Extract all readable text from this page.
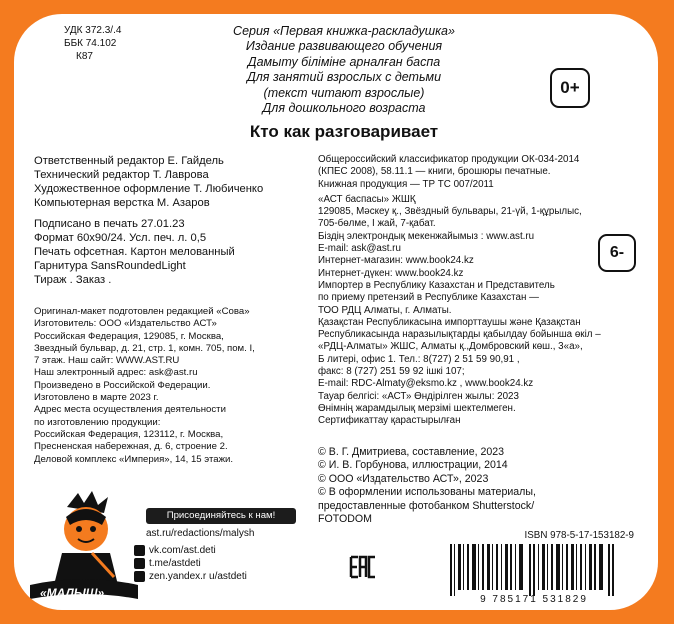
УДК 372.3/.4
ББК 74.102
К87
Серия «Первая книжка-раскладушка»
Издание развивающего обучения
Дамыту біліміне арналған баспа
Для занятий взрослых с детьми
(текст читают взрослые)
Для дошкольного возраста
0+
Кто как разговаривает
Ответственный редактор Е. Гайдель
Технический редактор Т. Лаврова
Художественное оформление Т. Любиченко
Компьютерная верстка М. Азаров
Подписано в печать 27.01.23
Формат 60х90/24. Усл. печ. л. 0,5
Печать офсетная. Картон мелованный
Гарнитура SansRoundedLight
Тираж . Заказ .
Оригинал-макет подготовлен редакцией «Сова»
Изготовитель: ООО «Издательство АСТ»
Российская Федерация, 129085, г. Москва,
Звездный бульвар, д. 21, стр. 1, комн. 705, пом. I,
7 этаж. Наш сайт: WWW.AST.RU
Наш электронный адрес: ask@ast.ru
Произведено в Российской Федерации.
Изготовлено в марте 2023 г.
Адрес места осуществления деятельности
по изготовлению продукции:
Российская Федерация, 123112, г. Москва,
Пресненская набережная, д. 6, строение 2.
Деловой комплекс «Империя», 14, 15 этажи.
Общероссийский классификатор продукции ОК-034-2014
(КПЕС 2008), 58.11.1 — книги, брошюры печатные.
Книжная продукция — ТР ТС 007/2011
«АСТ баспасы» ЖШҚ
129085, Мәскеу қ., Звёздный бульвары, 21-үй, 1-құрылыс,
705-бөлме, I жай, 7-қабат.
Біздің электрондық мекенжайымыз : www.ast.ru
E-mail: ask@ast.ru
Интернет-магазин: www.book24.kz
Интернет-дүкен: www.book24.kz
Импортер в Республику Казахстан и Представитель
по приему претензий в Республике Казахстан —
ТОО РДЦ Алматы, г. Алматы.
Қазақстан Республикасына импорттаушы және Қазақстан
Республикасында наразылықтарды қабылдау бойынша өкіл –
«РДЦ-Алматы» ЖШС, Алматы қ.,Домбровский көш., 3«а»,
Б литері, офис 1. Тел.: 8(727) 2 51 59 90,91 ,
факс: 8 (727) 251 59 92 ішкі 107;
E-mail: RDC-Almaty@eksmo.kz , www.book24.kz
Тауар белгісі: «АСТ» Өндірілген жылы: 2023
Өнімнің жарамдылық мерзімі шектелмеген.
Сертификаттау қарастырылған
6-
© В. Г. Дмитриева, составление, 2023
© И. В. Горбунова, иллюстрации, 2014
© ООО «Издательство АСТ», 2023
© В оформлении использованы материалы,
предоставленные фотобанком Shutterstock/
FOTODOM
ISBN 978-5-17-153182-9
9 785171 531829
«МАЛЫШ»
Присоединяйтесь к нам!
ast.ru/redactions/malysh
vk.com/ast.deti
t.me/astdeti
zen.yandex.r u/astdeti
